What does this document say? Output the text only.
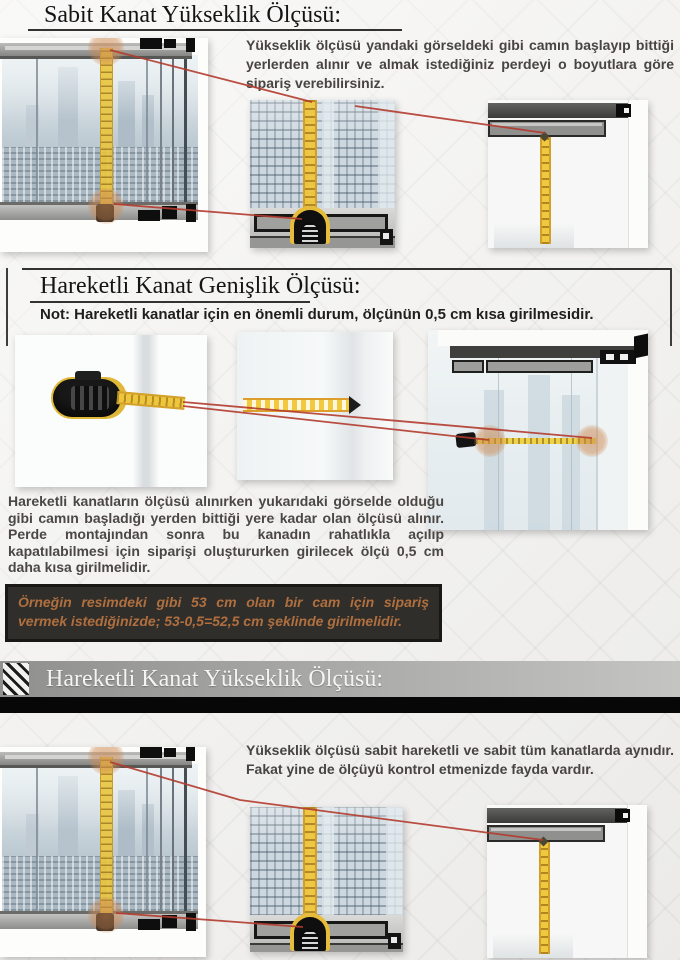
Sabit Kanat Yükseklik Ölçüsü:
Yükseklik ölçüsü yandaki görseldeki gibi camın başlayıp bittiği yerlerden alınır ve almak istediğiniz perdeyi o boyutlara göre sipariş verebilirsiniz.
Hareketli Kanat Genişlik Ölçüsü:
Not: Hareketli kanatlar için en önemli durum, ölçünün 0,5 cm kısa girilmesidir.
Hareketli kanatların ölçüsü alınırken yukarıdaki görselde olduğu gibi camın başladığı yerden bittiği yere kadar olan ölçüsü alınır. Perde montajından sonra bu kanadın rahatlıkla açılıp kapatılabilmesi için siparişi oluştururken girilecek ölçü 0,5 cm daha kısa girilmelidir.
Örneğin resimdeki gibi 53 cm olan bir cam için sipariş vermek istediğinizde; 53-0,5=52,5 cm şeklinde girilmelidir.
Hareketli Kanat Yükseklik Ölçüsü:
Yükseklik ölçüsü sabit hareketli ve sabit tüm kanatlarda aynıdır. Fakat yine de ölçüyü kontrol etmenizde fayda vardır.
